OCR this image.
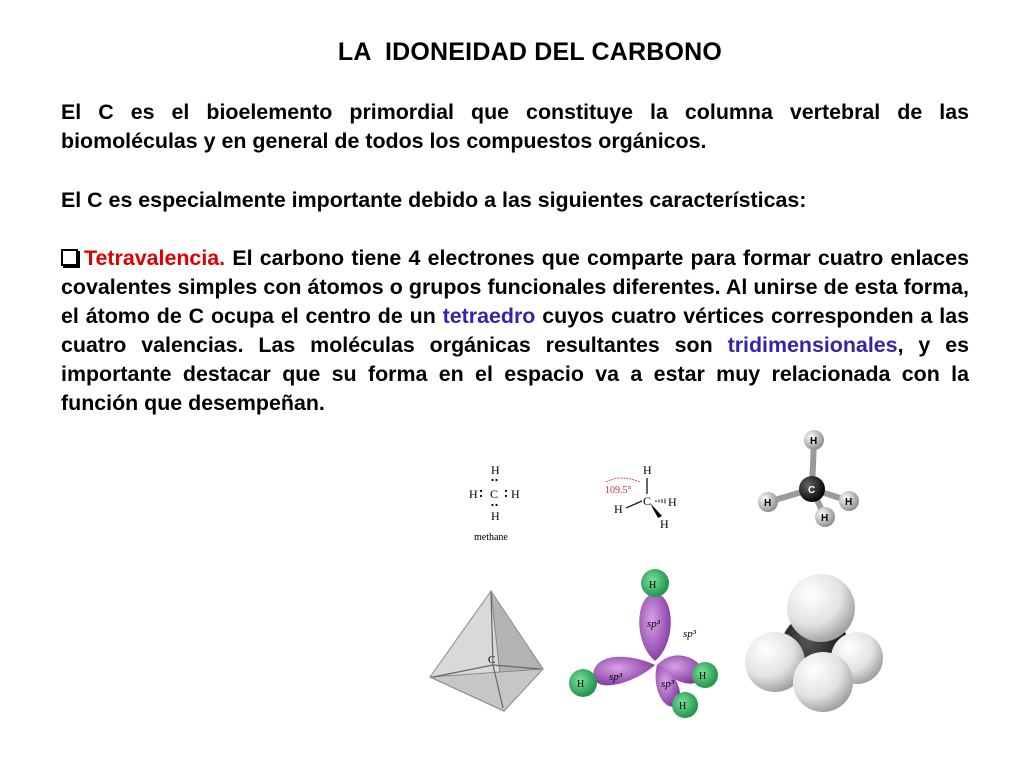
LA  IDONEIDAD DEL CARBONO

El C es el bioelemento primordial que constituye la columna vertebral de las biomoléculas y en general de todos los compuestos orgánicos.

El C es especialmente importante debido a las siguientes características:

Tetravalencia. El carbono tiene 4 electrones que comparte para formar cuatro enlaces covalentes simples con átomos o grupos funcionales diferentes. Al unirse de esta forma, el átomo de C ocupa el centro de un tetraedro cuyos cuatro vértices corresponden a las cuatro valencias. Las moléculas orgánicas resultantes son tridimensionales, y es importante destacar que su forma en el espacio va a estar muy relacionada con la función que desempeñan.

H
H C H
H
methane
H
109.5°
C
H	H
H
H
H	H
H
C
C
H
sp³
H
sp³	H
sp³
H
sp³
